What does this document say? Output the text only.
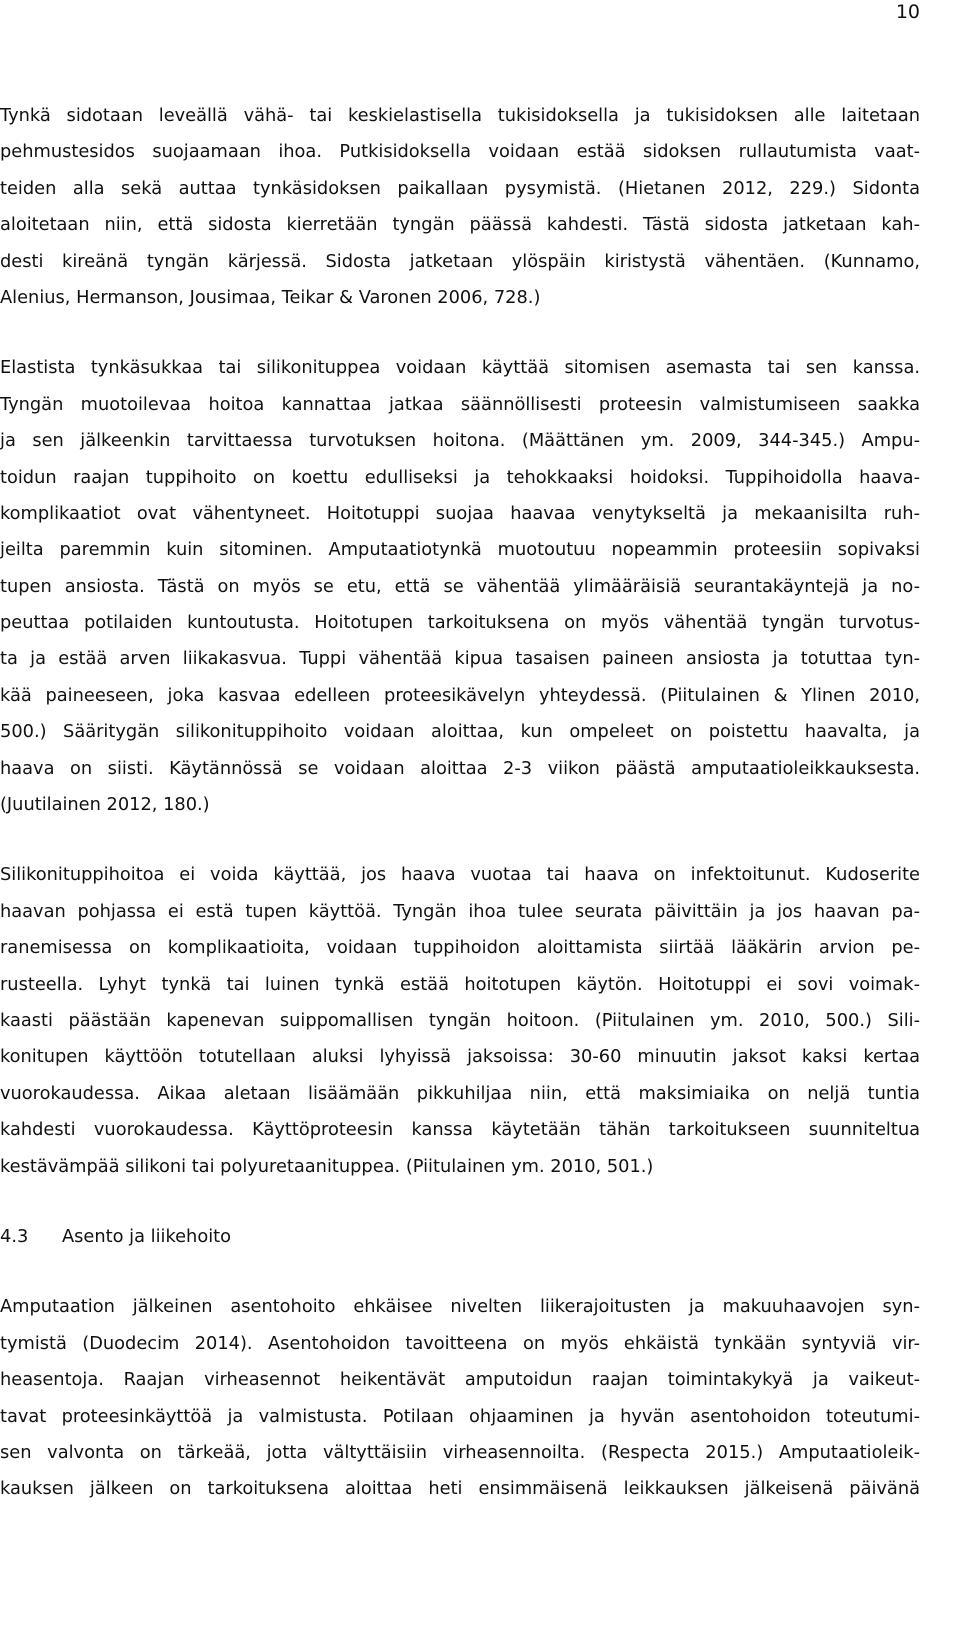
10
Tynkä sidotaan leveällä vähä- tai keskielastisella tukisidoksella ja tukisidoksen alle laitetaan
pehmustesidos suojaamaan ihoa. Putkisidoksella voidaan estää sidoksen rullautumista vaat-
teiden alla sekä auttaa tynkäsidoksen paikallaan pysymistä. (Hietanen 2012, 229.) Sidonta
aloitetaan niin, että sidosta kierretään tyngän päässä kahdesti. Tästä sidosta jatketaan kah-
desti kireänä tyngän kärjessä. Sidosta jatketaan ylöspäin kiristystä vähentäen. (Kunnamo,
Alenius, Hermanson, Jousimaa, Teikar & Varonen 2006, 728.)
Elastista tynkäsukkaa tai silikonituppea voidaan käyttää sitomisen asemasta tai sen kanssa.
Tyngän muotoilevaa hoitoa kannattaa jatkaa säännöllisesti proteesin valmistumiseen saakka
ja sen jälkeenkin tarvittaessa turvotuksen hoitona. (Määttänen ym. 2009, 344-345.) Ampu-
toidun raajan tuppihoito on koettu edulliseksi ja tehokkaaksi hoidoksi. Tuppihoidolla haava-
komplikaatiot ovat vähentyneet. Hoitotuppi suojaa haavaa venytykseltä ja mekaanisilta ruh-
jeilta paremmin kuin sitominen. Amputaatiotynkä muotoutuu nopeammin proteesiin sopivaksi
tupen ansiosta. Tästä on myös se etu, että se vähentää ylimääräisiä seurantakäyntejä ja no-
peuttaa potilaiden kuntoutusta. Hoitotupen tarkoituksena on myös vähentää tyngän turvotus-
ta ja estää arven liikakasvua. Tuppi vähentää kipua tasaisen paineen ansiosta ja totuttaa tyn-
kää paineeseen, joka kasvaa edelleen proteesikävelyn yhteydessä. (Piitulainen & Ylinen 2010,
500.) Sääritygän silikonituppihoito voidaan aloittaa, kun ompeleet on poistettu haavalta, ja
haava on siisti. Käytännössä se voidaan aloittaa 2-3 viikon päästä amputaatioleikkauksesta.
(Juutilainen 2012, 180.)
Silikonituppihoitoa ei voida käyttää, jos haava vuotaa tai haava on infektoitunut. Kudoserite
haavan pohjassa ei estä tupen käyttöä. Tyngän ihoa tulee seurata päivittäin ja jos haavan pa-
ranemisessa on komplikaatioita, voidaan tuppihoidon aloittamista siirtää lääkärin arvion pe-
rusteella. Lyhyt tynkä tai luinen tynkä estää hoitotupen käytön. Hoitotuppi ei sovi voimak-
kaasti päästään kapenevan suippomallisen tyngän hoitoon. (Piitulainen ym. 2010, 500.) Sili-
konitupen käyttöön totutellaan aluksi lyhyissä jaksoissa: 30-60 minuutin jaksot kaksi kertaa
vuorokaudessa. Aikaa aletaan lisäämään pikkuhiljaa niin, että maksimiaika on neljä tuntia
kahdesti vuorokaudessa. Käyttöproteesin kanssa käytetään tähän tarkoitukseen suunniteltua
kestävämpää silikoni tai polyuretaanituppea. (Piitulainen ym. 2010, 501.)
4.3 Asento ja liikehoito
Amputaation jälkeinen asentohoito ehkäisee nivelten liikerajoitusten ja makuuhaavojen syn-
tymistä (Duodecim 2014). Asentohoidon tavoitteena on myös ehkäistä tynkään syntyviä vir-
heasentoja. Raajan virheasennot heikentävät amputoidun raajan toimintakykyä ja vaikeut-
tavat proteesinkäyttöä ja valmistusta. Potilaan ohjaaminen ja hyvän asentohoidon toteutumi-
sen valvonta on tärkeää, jotta vältyttäisiin virheasennoilta. (Respecta 2015.) Amputaatioleik-
kauksen jälkeen on tarkoituksena aloittaa heti ensimmäisenä leikkauksen jälkeisenä päivänä
